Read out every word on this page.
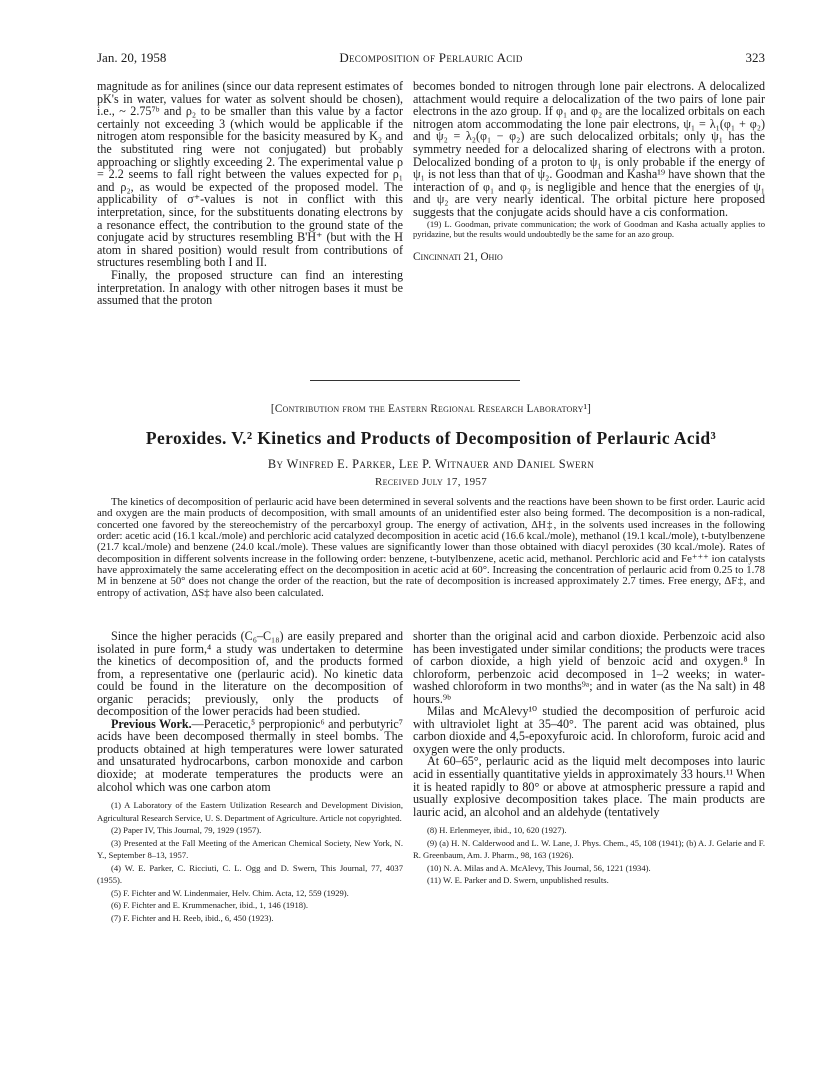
Jan. 20, 1958	Decomposition of Perlauric Acid	323

magnitude as for anilines (since our data represent estimates of pK's in water, values for water as solvent should be chosen), i.e., ~ 2.75⁷ᵇ and ρ₂ to be smaller than this value by a factor certainly not exceeding 3 (which would be applicable if the nitrogen atom responsible for the basicity measured by K₂ and the substituted ring were not conjugated) but probably approaching or slightly exceeding 2. The experimental value ρ = 2.2 seems to fall right between the values expected for ρ₁ and ρ₂, as would be expected of the proposed model. The applicability of σ⁺-values is not in conflict with this interpretation, since, for the substituents donating electrons by a resonance effect, the contribution to the ground state of the conjugate acid by structures resembling B'H⁺ (but with the H atom in shared position) would result from contributions of structures resembling both I and II.

Finally, the proposed structure can find an interesting interpretation. In analogy with other nitrogen bases it must be assumed that the proton

becomes bonded to nitrogen through lone pair electrons. A delocalized attachment would require a delocalization of the two pairs of lone pair electrons in the azo group. If φ₁ and φ₂ are the localized orbitals on each nitrogen atom accommodating the lone pair electrons, ψ₁ = λ₁(φ₁ + φ₂) and ψ₂ = λ₂(φ₁ − φ₂) are such delocalized orbitals; only ψ₁ has the symmetry needed for a delocalized sharing of electrons with a proton. Delocalized bonding of a proton to ψ₁ is only probable if the energy of ψ₁ is not less than that of ψ₂. Goodman and Kasha¹⁹ have shown that the interaction of φ₁ and φ₂ is negligible and hence that the energies of ψ₁ and ψ₂ are very nearly identical. The orbital picture here proposed suggests that the conjugate acids should have a cis conformation.

(19) L. Goodman, private communication; the work of Goodman and Kasha actually applies to pyridazine, but the results would undoubtedly be the same for an azo group.

Cincinnati 21, Ohio
[Contribution from the Eastern Regional Research Laboratory¹]
Peroxides. V.² Kinetics and Products of Decomposition of Perlauric Acid³
By Winfred E. Parker, Lee P. Witnauer and Daniel Swern
Received July 17, 1957

The kinetics of decomposition of perlauric acid have been determined in several solvents and the reactions have been shown to be first order. Lauric acid and oxygen are the main products of decomposition, with small amounts of an unidentified ester also being formed. The decomposition is a non-radical, concerted one favored by the stereochemistry of the percarboxyl group. The energy of activation, ΔH‡, in the solvents used increases in the following order: acetic acid (16.1 kcal./mole) and perchloric acid catalyzed decomposition in acetic acid (16.6 kcal./mole), methanol (19.1 kcal./mole), t-butylbenzene (21.7 kcal./mole) and benzene (24.0 kcal./mole). These values are significantly lower than those obtained with diacyl peroxides (30 kcal./mole). Rates of decomposition in different solvents increase in the following order: benzene, t-butylbenzene, acetic acid, methanol. Perchloric acid and Fe⁺⁺⁺ ion catalysts have approximately the same accelerating effect on the decomposition in acetic acid at 60°. Increasing the concentration of perlauric acid from 0.25 to 1.78 M in benzene at 50° does not change the order of the reaction, but the rate of decomposition is increased approximately 2.7 times. Free energy, ΔF‡, and entropy of activation, ΔS‡ have also been calculated.

Since the higher peracids (C₆–C₁₈) are easily prepared and isolated in pure form,⁴ a study was undertaken to determine the kinetics of decomposition of, and the products formed from, a representative one (perlauric acid). No kinetic data could be found in the literature on the decomposition of organic peracids; previously, only the products of decomposition of the lower peracids had been studied.

Previous Work.—Peracetic,⁵ perpropionic⁶ and perbutyric⁷ acids have been decomposed thermally in steel bombs. The products obtained at high temperatures were lower saturated and unsaturated hydrocarbons, carbon monoxide and carbon dioxide; at moderate temperatures the products were an alcohol which was one carbon atom

(1) A Laboratory of the Eastern Utilization Research and Development Division, Agricultural Research Service, U. S. Department of Agriculture. Article not copyrighted.

(2) Paper IV, This Journal, 79, 1929 (1957).

(3) Presented at the Fall Meeting of the American Chemical Society, New York, N. Y., September 8–13, 1957.

(4) W. E. Parker, C. Ricciuti, C. L. Ogg and D. Swern, This Journal, 77, 4037 (1955).

(5) F. Fichter and W. Lindenmaier, Helv. Chim. Acta, 12, 559 (1929).

(6) F. Fichter and E. Krummenacher, ibid., 1, 146 (1918).

(7) F. Fichter and H. Reeb, ibid., 6, 450 (1923).

shorter than the original acid and carbon dioxide. Perbenzoic acid also has been investigated under similar conditions; the products were traces of carbon dioxide, a high yield of benzoic acid and oxygen.⁸ In chloroform, perbenzoic acid decomposed in 1–2 weeks; in water-washed chloroform in two months⁹ᵃ; and in water (as the Na salt) in 48 hours.⁹ᵇ

Milas and McAlevy¹⁰ studied the decomposition of perfuroic acid with ultraviolet light at 35–40°. The parent acid was obtained, plus carbon dioxide and 4,5-epoxyfuroic acid. In chloroform, furoic acid and oxygen were the only products.

At 60–65°, perlauric acid as the liquid melt decomposes into lauric acid in essentially quantitative yields in approximately 33 hours.¹¹ When it is heated rapidly to 80° or above at atmospheric pressure a rapid and usually explosive decomposition takes place. The main products are lauric acid, an alcohol and an aldehyde (tentatively

(8) H. Erlenmeyer, ibid., 10, 620 (1927).

(9) (a) H. N. Calderwood and L. W. Lane, J. Phys. Chem., 45, 108 (1941); (b) A. J. Gelarie and F. R. Greenbaum, Am. J. Pharm., 98, 163 (1926).

(10) N. A. Milas and A. McAlevy, This Journal, 56, 1221 (1934).

(11) W. E. Parker and D. Swern, unpublished results.
